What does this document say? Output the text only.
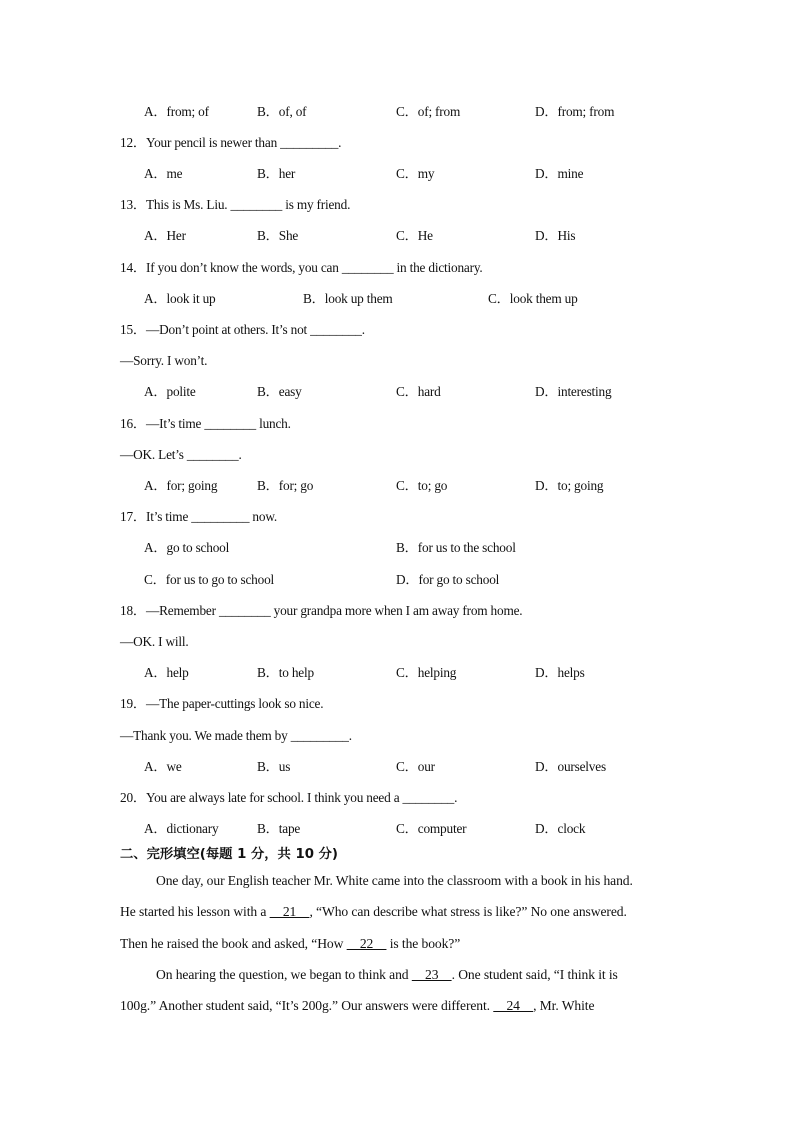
A．from; of	B．of, of	C．of; from	D．from; from
12．Your pencil is newer than _________.
A．me	B．her	C．my	D．mine
13．This is Ms. Liu. ________ is my friend.
A．Her	B．She	C．He	D．His
14．If you don’t know the words, you can ________ in the dictionary.
A．look it up	B．look up them	C．look them up
15．—Don’t point at others. It’s not ________.
—Sorry. I won’t.
A．polite	B．easy	C．hard	D．interesting
16．—It’s time ________ lunch.
—OK. Let’s ________.
A．for; going	B．for; go	C．to; go	D．to; going
17．It’s time _________ now.
A．go to school	B．for us to the school
C．for us to go to school	D．for go to school
18．—Remember ________ your grandpa more when I am away from home.
—OK. I will.
A．help	B．to help	C．helping	D．helps
19．—The paper-cuttings look so nice.
—Thank you. We made them by _________.
A．we	B．us	C．our	D．ourselves
20．You are always late for school. I think you need a ________.
A．dictionary	B．tape	C．computer	D．clock
二、完形填空(每题 1 分，共 10 分)
One day, our English teacher Mr. White came into the classroom with a book in his hand.
He started his lesson with a     21    , “Who can describe what stress is like?” No one answered.
Then he raised the book and asked, “How     22     is the book?”
On hearing the question, we began to think and     23    . One student said, “I think it is
100g.” Another student said, “It’s 200g.” Our answers were different.     24    , Mr. White
